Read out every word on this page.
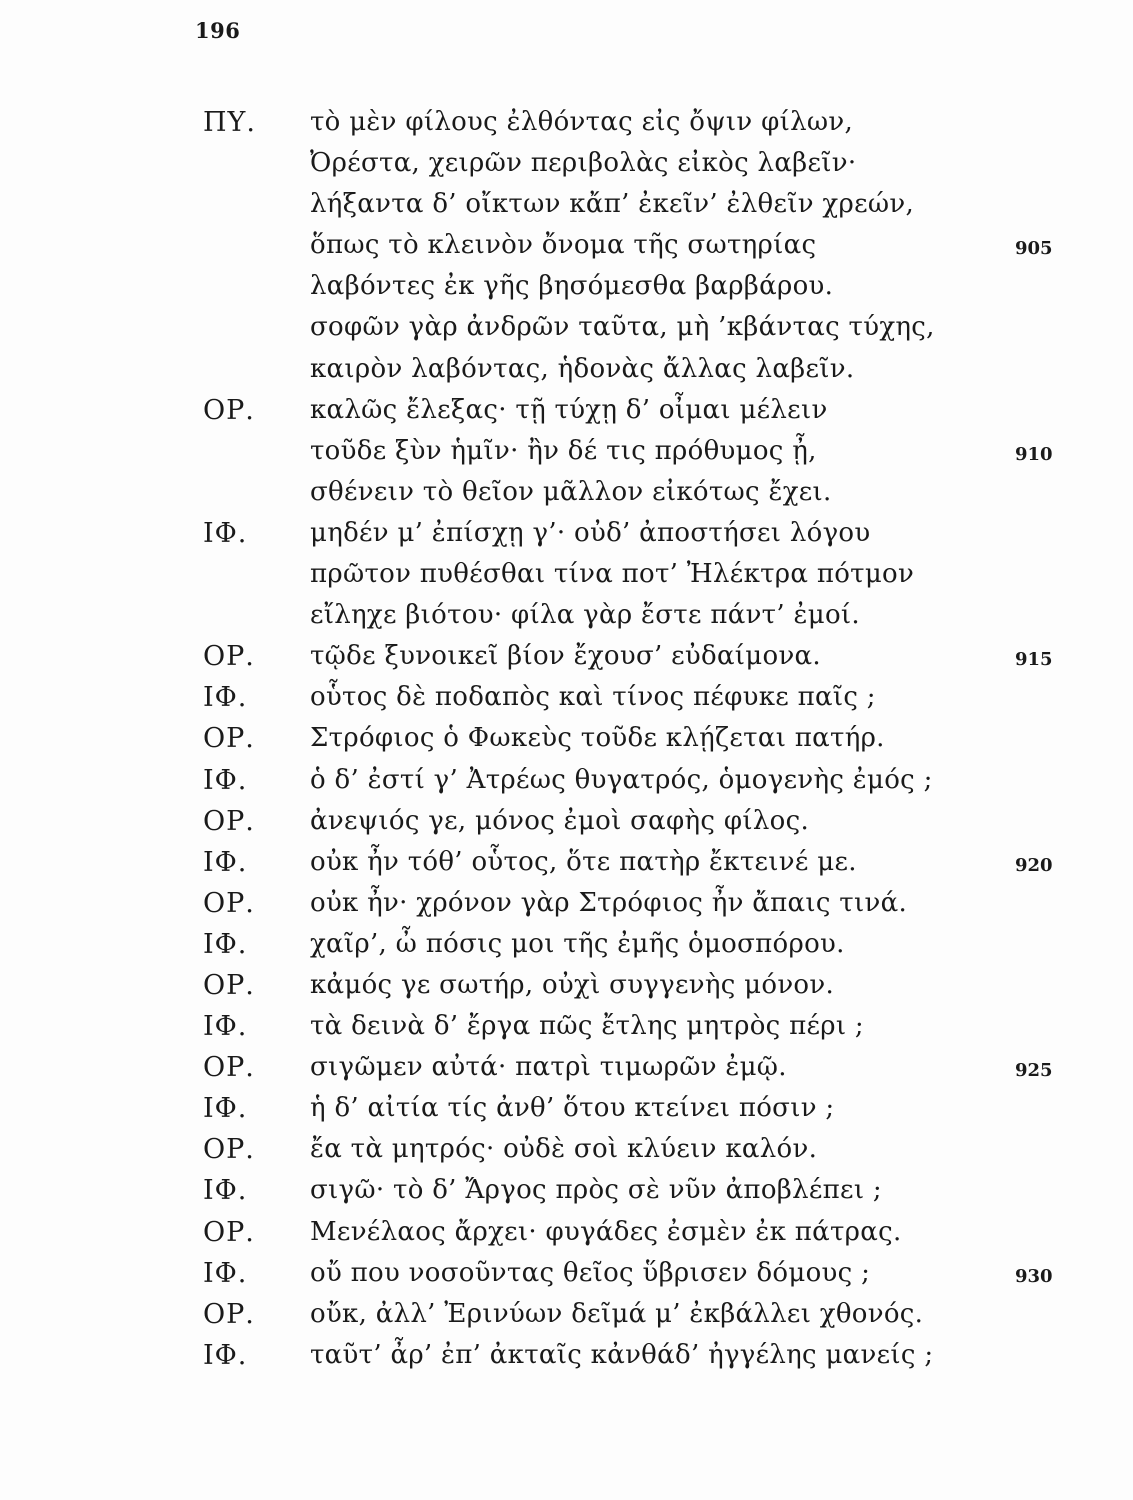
196
ΠΥ. τὸ μὲν φίλους ἐλθόντας εἰς ὄψιν φίλων,
Ὀρέστα, χειρῶν περιβολὰς εἰκὸς λαβεῖν·
λήξαντα δ’ οἴκτων κἄπ’ ἐκεῖν’ ἐλθεῖν χρεών,
ὅπως τὸ κλεινὸν ὄνομα τῆς σωτηρίας	905
λαβόντες ἐκ γῆς βησόμεσθα βαρβάρου.
σοφῶν γὰρ ἀνδρῶν ταῦτα, μὴ ’κβάντας τύχης,
καιρὸν λαβόντας, ἡδονὰς ἄλλας λαβεῖν.
ΟΡ. καλῶς ἔλεξας· τῇ τύχῃ δ’ οἶμαι μέλειν
τοῦδε ξὺν ἡμῖν· ἢν δέ τις πρόθυμος ᾖ,	910
σθένειν τὸ θεῖον μᾶλλον εἰκότως ἔχει.
ΙΦ. μηδέν μ’ ἐπίσχῃ γ’· οὐδ’ ἀποστήσει λόγου
πρῶτον πυθέσθαι τίνα ποτ’ Ἠλέκτρα πότμον
εἴληχε βιότου· φίλα γὰρ ἔστε πάντ’ ἐμοί.
ΟΡ. τῷδε ξυνοικεῖ βίον ἔχουσ’ εὐδαίμονα.	915
ΙΦ. οὗτος δὲ ποδαπὸς καὶ τίνος πέφυκε παῖς ;
ΟΡ. Στρόφιος ὁ Φωκεὺς τοῦδε κλῄζεται πατήρ.
ΙΦ. ὁ δ’ ἐστί γ’ Ἀτρέως θυγατρός, ὁμογενὴς ἐμός ;
ΟΡ. ἀνεψιός γε, μόνος ἐμοὶ σαφὴς φίλος.
ΙΦ. οὐκ ἦν τόθ’ οὗτος, ὅτε πατὴρ ἔκτεινέ με.	920
ΟΡ. οὐκ ἦν· χρόνον γὰρ Στρόφιος ἦν ἄπαις τινά.
ΙΦ. χαῖρ’, ὦ πόσις μοι τῆς ἐμῆς ὁμοσπόρου.
ΟΡ. κἀμός γε σωτήρ, οὐχὶ συγγενὴς μόνον.
ΙΦ. τὰ δεινὰ δ’ ἔργα πῶς ἔτλης μητρὸς πέρι ;
ΟΡ. σιγῶμεν αὐτά· πατρὶ τιμωρῶν ἐμῷ.	925
ΙΦ. ἡ δ’ αἰτία τίς ἀνθ’ ὅτου κτείνει πόσιν ;
ΟΡ. ἔα τὰ μητρός· οὐδὲ σοὶ κλύειν καλόν.
ΙΦ. σιγῶ· τὸ δ’ Ἄργος πρὸς σὲ νῦν ἀποβλέπει ;
ΟΡ. Μενέλαος ἄρχει· φυγάδες ἐσμὲν ἐκ πάτρας.
ΙΦ. οὔ που νοσοῦντας θεῖος ὕβρισεν δόμους ;	930
ΟΡ. οὔκ, ἀλλ’ Ἐρινύων δεῖμά μ’ ἐκβάλλει χθονός.
ΙΦ. ταῦτ’ ἆρ’ ἐπ’ ἀκταῖς κἀνθάδ’ ἠγγέλης μανείς ;
